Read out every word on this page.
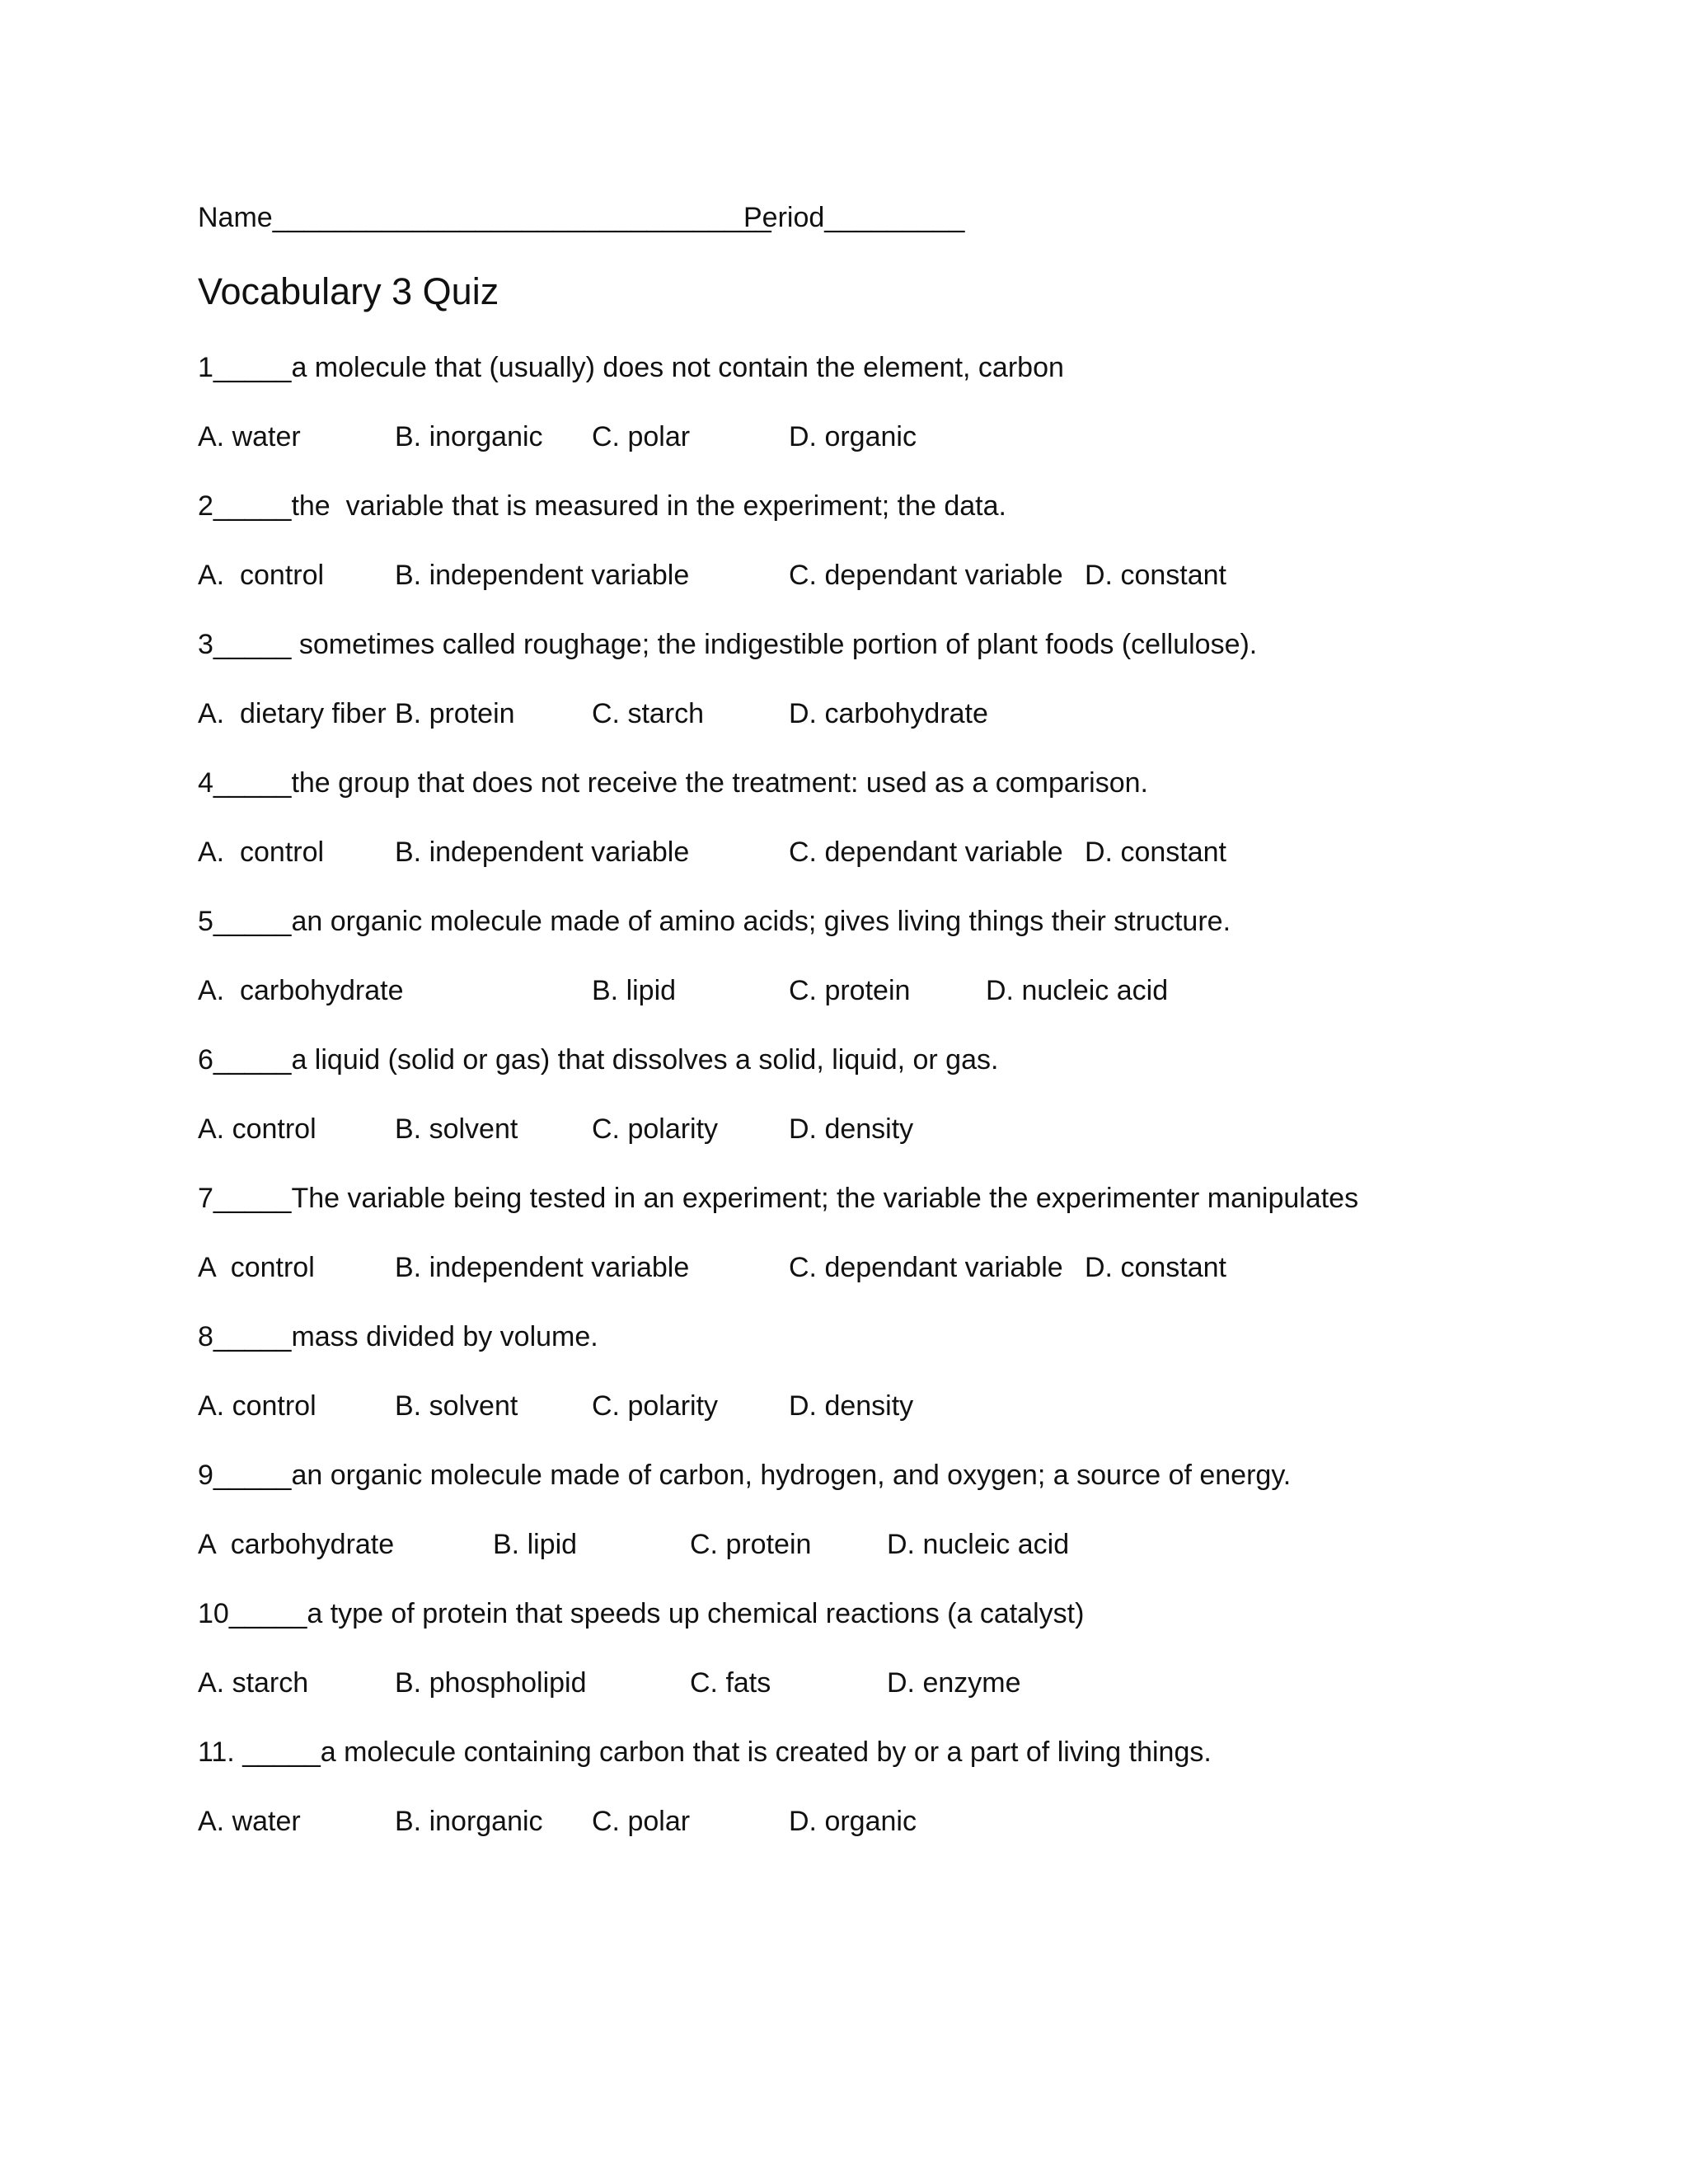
Name________________________________
Period_________
Vocabulary 3 Quiz
1_____a molecule that (usually) does not contain the element, carbon
A. water	B. inorganic C. polar	D. organic
2_____the  variable that is measured in the experiment; the data.
A.  control	B. independent variable	C. dependant variable D. constant
3_____ sometimes called roughage; the indigestible portion of plant foods (cellulose).
A.  dietary fiber B. protein	C. starch	D. carbohydrate
4_____the group that does not receive the treatment: used as a comparison.
A.  control	B. independent variable	C. dependant variable D. constant
5_____an organic molecule made of amino acids; gives living things their structure.
A.  carbohydrate	B. lipid	C. protein	D. nucleic acid
6_____a liquid (solid or gas) that dissolves a solid, liquid, or gas.
A. control	B. solvent	C. polarity	D. density
7_____The variable being tested in an experiment; the variable the experimenter manipulates
A  control	B. independent variable	C. dependant variable D. constant
8_____mass divided by volume.
A. control	B. solvent	C. polarity	D. density
9_____an organic molecule made of carbon, hydrogen, and oxygen; a source of energy.
A  carbohydrate	B. lipid	C. protein	D. nucleic acid
10_____a type of protein that speeds up chemical reactions (a catalyst)
A. starch	B. phospholipid	C. fats	D. enzyme
11. _____a molecule containing carbon that is created by or a part of living things.
A. water	B. inorganic C. polar	D. organic
